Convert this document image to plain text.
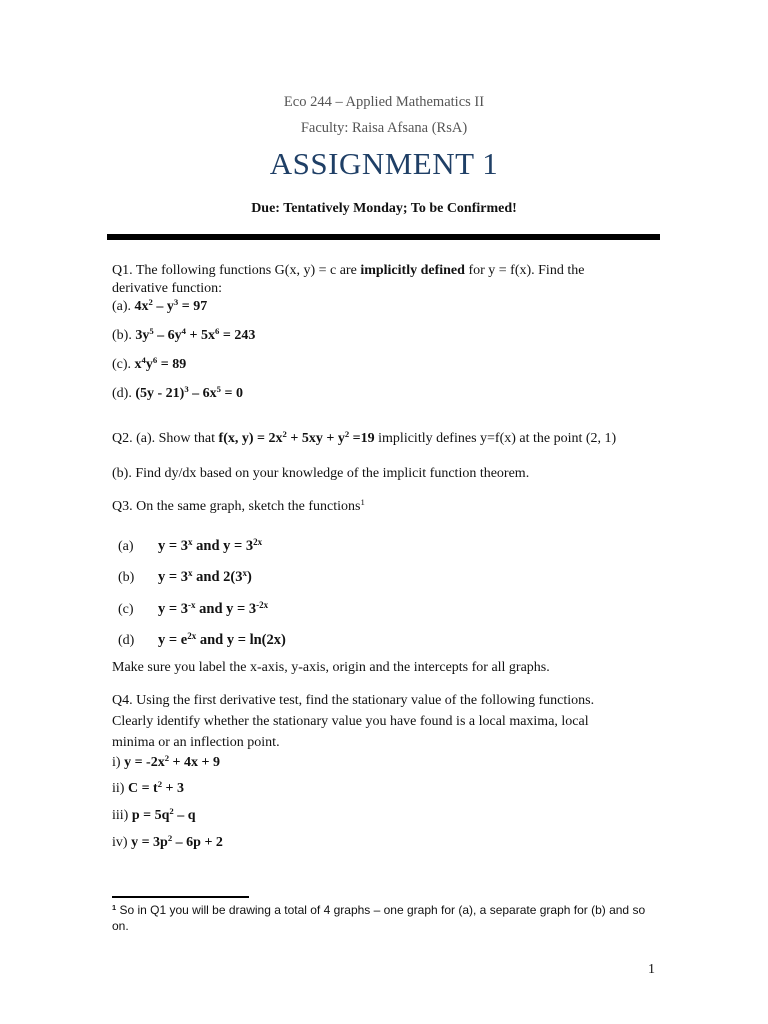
Eco 244 – Applied Mathematics II
Faculty: Raisa Afsana (RsA)
ASSIGNMENT 1
Due: Tentatively Monday; To be Confirmed!
Q1. The following functions G(x, y) = c are implicitly defined for y = f(x). Find the
derivative function:
(a). $4x^2 - y^3 = 97$
(b). $3y^5 - 6y^4 + 5x^6 = 243$
(c). $x^4y^6 = 89$
(d). $(5y - 21)^3 - 6x^5 = 0$
Q2. (a). Show that f(x, $y) = 2x^2 + 5xy + y^2 =19$ implicitly defines y=f(x) at the point (2, 1)
(b). Find dy/dx based on your knowledge of the implicit function theorem.
Q3. On the same graph, sketch the functions$^1$
(a) $y = 3^x$ and $y = 3^{2x}$
(b) $y = 3^x$ and 2(3$^x$)
(c) $y = 3^{-x}$ and $y = 3^{-2x}$
(d) $y = e^{2x}$ and y = ln(2x)
Make sure you label the x-axis, y-axis, origin and the intercepts for all graphs.
Q4. Using the first derivative test, find the stationary value of the following functions.
Clearly identify whether the stationary value you have found is a local maxima, local
minima or an inflection point.
i) $y = -2x^2 + 4x + 9$
ii) $C = t^2 + 3$
iii) $p = 5q^2 - q$
iv) $y = 3p^2 - 6p + 2$
$^1$ So in Q1 you will be drawing a total of 4 graphs – one graph for (a), a separate graph for (b) and so on.
1
